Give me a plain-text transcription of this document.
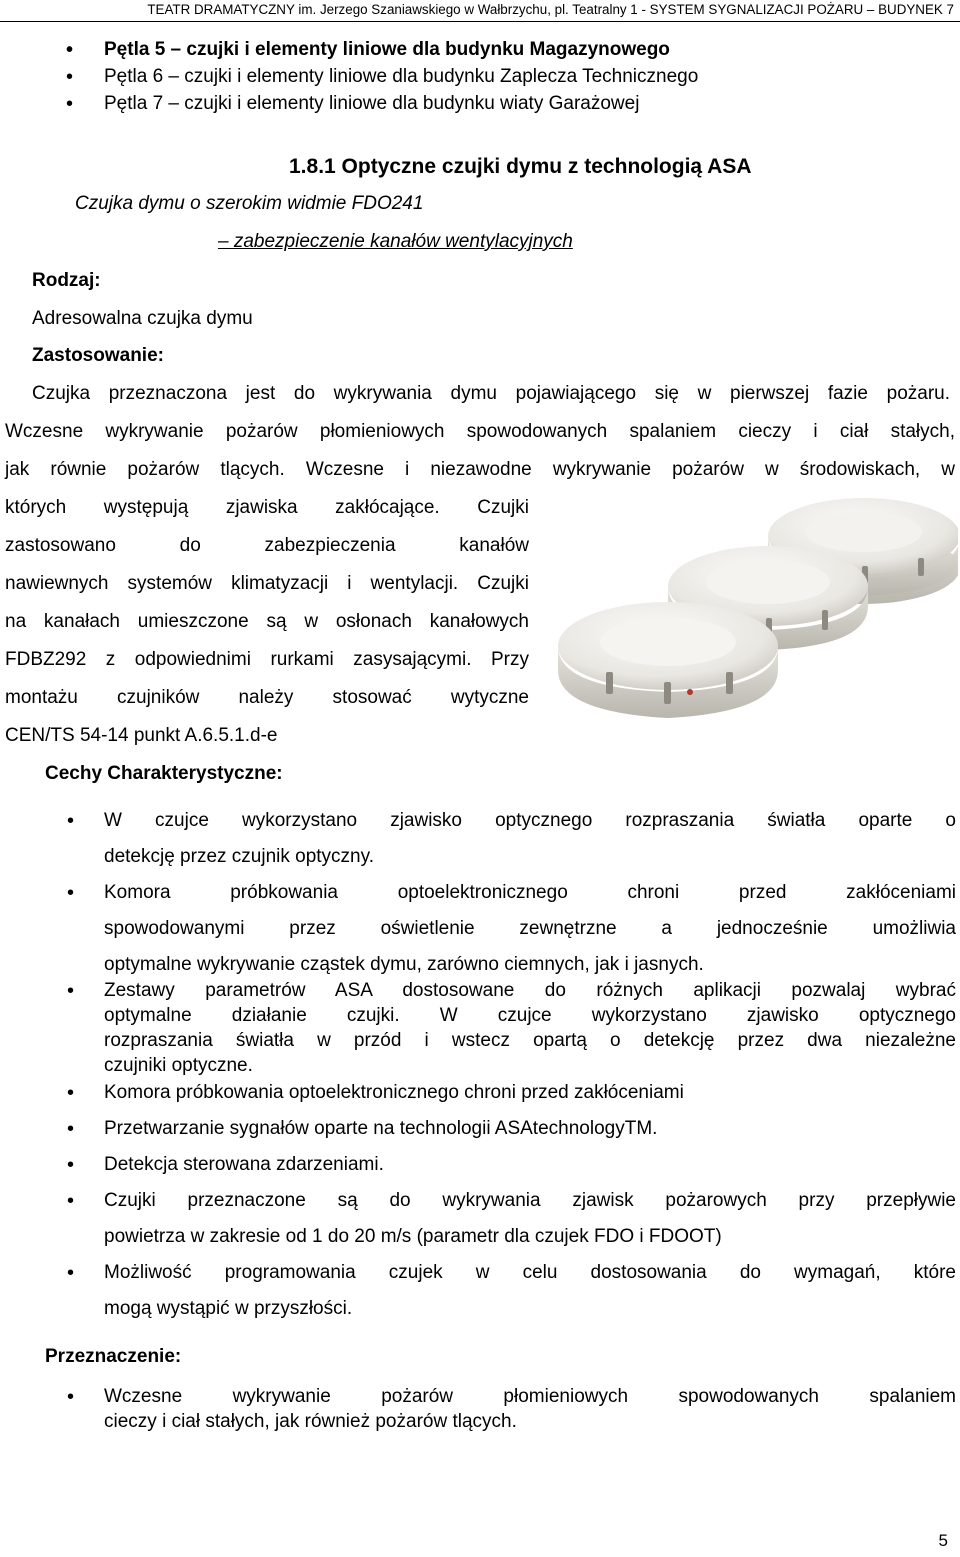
TEATR DRAMATYCZNY im. Jerzego Szaniawskiego w Wałbrzychu, pl. Teatralny 1 - SYSTEM SYGNALIZACJI POŻARU – BUDYNEK 7
• Pętla 5 – czujki i elementy liniowe dla budynku Magazynowego
• Pętla 6 – czujki i elementy liniowe dla budynku Zaplecza Technicznego
• Pętla 7 – czujki i elementy liniowe dla budynku wiaty Garażowej
1.8.1 Optyczne czujki dymu z technologią ASA
Czujka dymu o szerokim widmie FDO241
– zabezpieczenie kanałów wentylacyjnych
Rodzaj:
Adresowalna czujka dymu
Zastosowanie:
Czujka przeznaczona jest do wykrywania dymu pojawiającego się w pierwszej fazie pożaru.
Wczesne wykrywanie pożarów płomieniowych spowodowanych spalaniem cieczy i ciał stałych,
jak równie pożarów tlących. Wczesne i niezawodne wykrywanie pożarów w środowiskach, w
których występują zjawiska zakłócające. Czujki
zastosowano do zabezpieczenia kanałów
nawiewnych systemów klimatyzacji i wentylacji. Czujki
na kanałach umieszczone są w osłonach kanałowych
FDBZ292 z odpowiednimi rurkami zasysającymi. Przy
montażu czujników należy stosować wytyczne
CEN/TS 54-14 punkt A.6.5.1.d-e
Cechy Charakterystyczne:
• W czujce wykorzystano zjawisko optycznego rozpraszania światła oparte o
detekcję przez czujnik optyczny.
• Komora próbkowania optoelektronicznego chroni przed zakłóceniami
spowodowanymi przez oświetlenie zewnętrzne a jednocześnie umożliwia
optymalne wykrywanie cząstek dymu, zarówno ciemnych, jak i jasnych.
• Zestawy parametrów ASA dostosowane do różnych aplikacji pozwalaj wybrać
optymalne działanie czujki. W czujce wykorzystano zjawisko optycznego
rozpraszania światła w przód i wstecz opartą o detekcję przez dwa niezależne
czujniki optyczne.
• Komora próbkowania optoelektronicznego chroni przed zakłóceniami
• Przetwarzanie sygnałów oparte na technologii ASAtechnologyTM.
• Detekcja sterowana zdarzeniami.
• Czujki przeznaczone są do wykrywania zjawisk pożarowych przy przepływie
powietrza w zakresie od 1 do 20 m/s (parametr dla czujek FDO i FDOOT)
• Możliwość programowania czujek w celu dostosowania do wymagań, które
mogą wystąpić w przyszłości.
Przeznaczenie:
• Wczesne wykrywanie pożarów płomieniowych spowodowanych spalaniem
cieczy i ciał stałych, jak również pożarów tlących.
5
